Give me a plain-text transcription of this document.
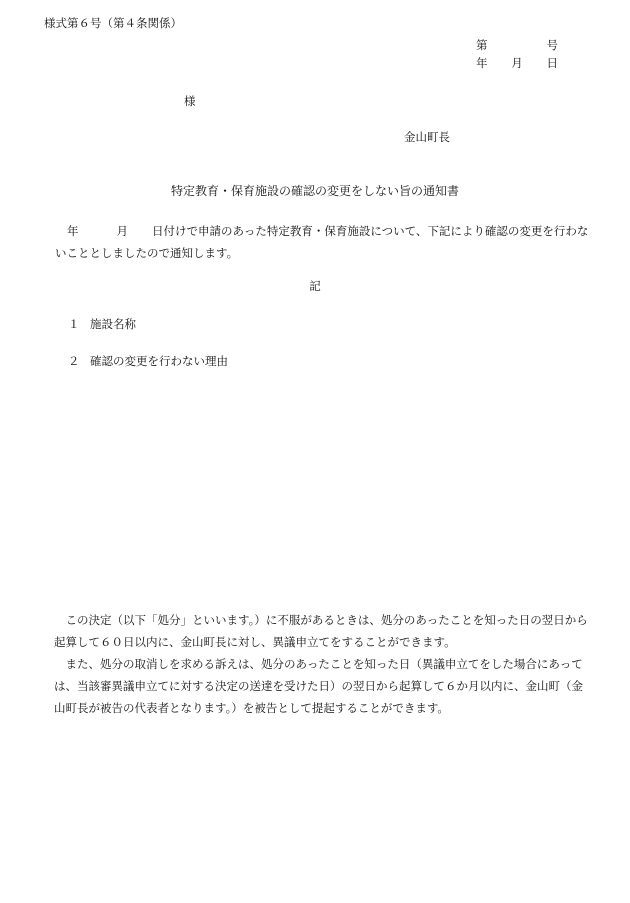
様式第６号（第４条関係）
第	号
年 月 日
様
金山町長
特定教育・保育施設の確認の変更をしない旨の通知書
年	月 日付けで申請のあった特定教育・保育施設について、下記により確認の変更を行わないこととしましたので通知します。
記
１ 施設名称
２ 確認の変更を行わない理由
　この決定（以下「処分」といいます。）に不服があるときは、処分のあったことを知った日の翌日から起算して６０日以内に、金山町長に対し、異議申立てをすることができます。
　また、処分の取消しを求める訴えは、処分のあったことを知った日（異議申立てをした場合にあっては、当該審異議申立てに対する決定の送達を受けた日）の翌日から起算して６か月以内に、金山町（金山町長が被告の代表者となります。）を被告として提起することができます。
